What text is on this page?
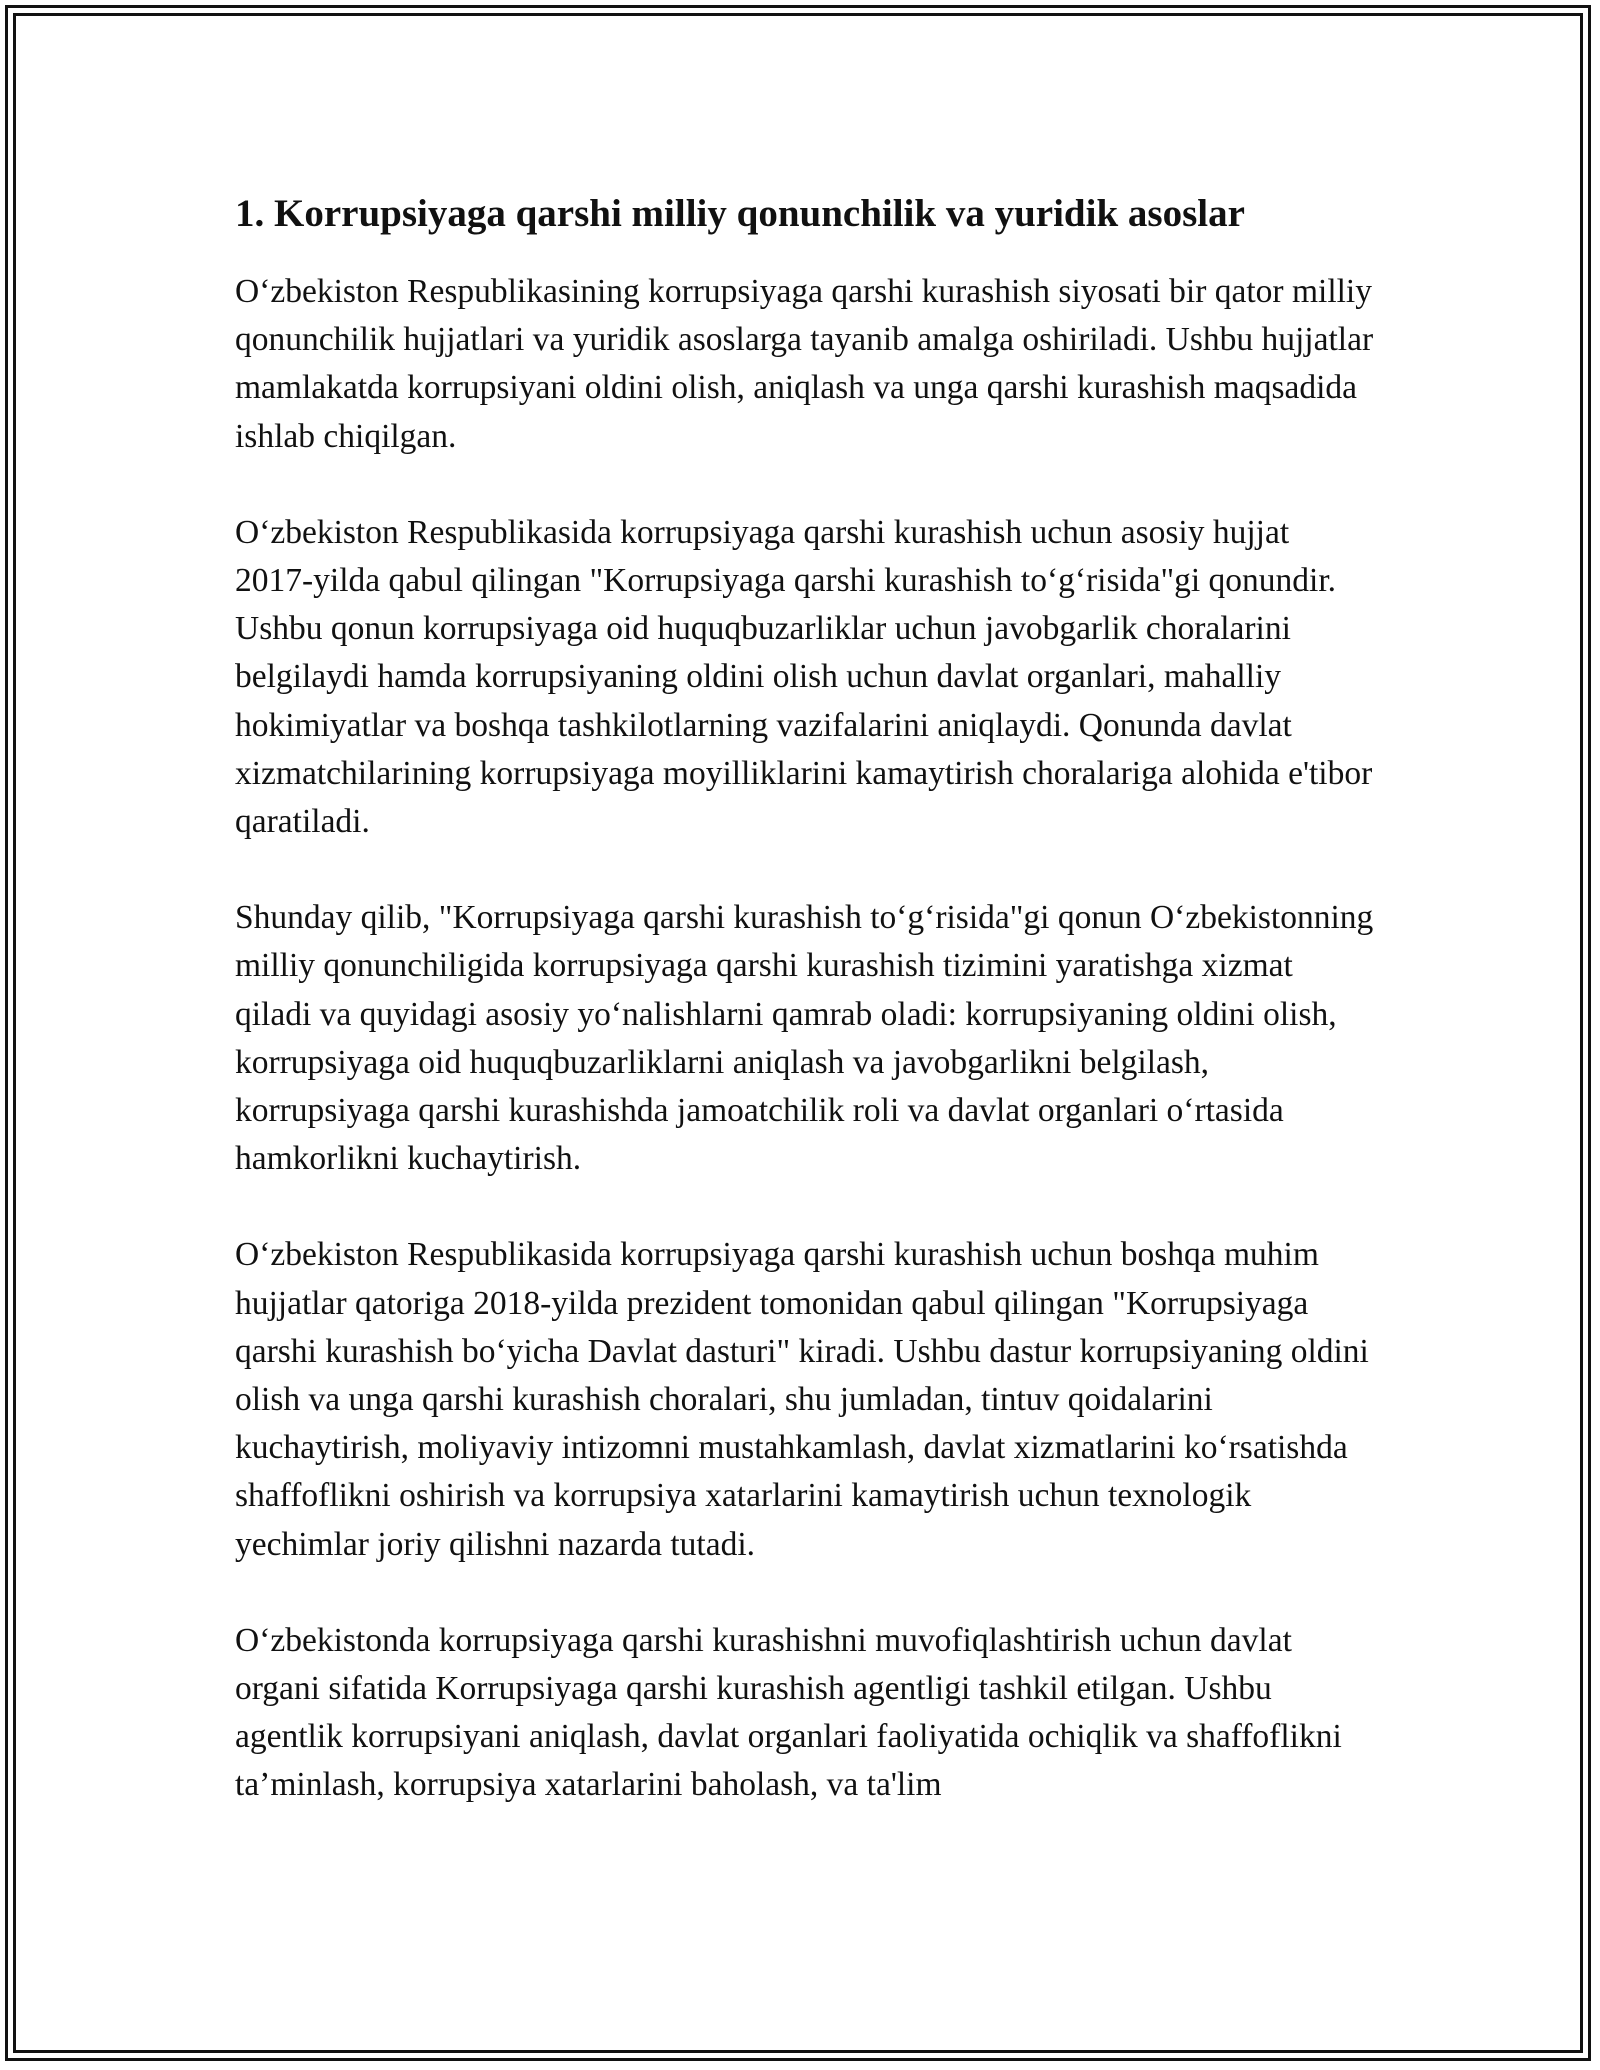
1. Korrupsiyaga qarshi milliy qonunchilik va yuridik asoslar

O‘zbekiston Respublikasining korrupsiyaga qarshi kurashish siyosati bir qator milliy qonunchilik hujjatlari va yuridik asoslarga tayanib amalga oshiriladi. Ushbu hujjatlar mamlakatda korrupsiyani oldini olish, aniqlash va unga qarshi kurashish maqsadida ishlab chiqilgan.

O‘zbekiston Respublikasida korrupsiyaga qarshi kurashish uchun asosiy hujjat 2017-yilda qabul qilingan "Korrupsiyaga qarshi kurashish to‘g‘risida"gi qonundir. Ushbu qonun korrupsiyaga oid huquqbuzarliklar uchun javobgarlik choralarini belgilaydi hamda korrupsiyaning oldini olish uchun davlat organlari, mahalliy hokimiyatlar va boshqa tashkilotlarning vazifalarini aniqlaydi. Qonunda davlat xizmatchilarining korrupsiyaga moyilliklarini kamaytirish choralariga alohida e'tibor qaratiladi.

Shunday qilib, "Korrupsiyaga qarshi kurashish to‘g‘risida"gi qonun O‘zbekistonning milliy qonunchiligida korrupsiyaga qarshi kurashish tizimini yaratishga xizmat qiladi va quyidagi asosiy yo‘nalishlarni qamrab oladi: korrupsiyaning oldini olish, korrupsiyaga oid huquqbuzarliklarni aniqlash va javobgarlikni belgilash, korrupsiyaga qarshi kurashishda jamoatchilik roli va davlat organlari o‘rtasida hamkorlikni kuchaytirish.

O‘zbekiston Respublikasida korrupsiyaga qarshi kurashish uchun boshqa muhim hujjatlar qatoriga 2018-yilda prezident tomonidan qabul qilingan "Korrupsiyaga qarshi kurashish bo‘yicha Davlat dasturi" kiradi. Ushbu dastur korrupsiyaning oldini olish va unga qarshi kurashish choralari, shu jumladan, tintuv qoidalarini kuchaytirish, moliyaviy intizomni mustahkamlash, davlat xizmatlarini ko‘rsatishda shaffoflikni oshirish va korrupsiya xatarlarini kamaytirish uchun texnologik yechimlar joriy qilishni nazarda tutadi.

O‘zbekistonda korrupsiyaga qarshi kurashishni muvofiqlashtirish uchun davlat organi sifatida Korrupsiyaga qarshi kurashish agentligi tashkil etilgan. Ushbu agentlik korrupsiyani aniqlash, davlat organlari faoliyatida ochiqlik va shaffoflikni ta’minlash, korrupsiya xatarlarini baholash, va ta'lim
